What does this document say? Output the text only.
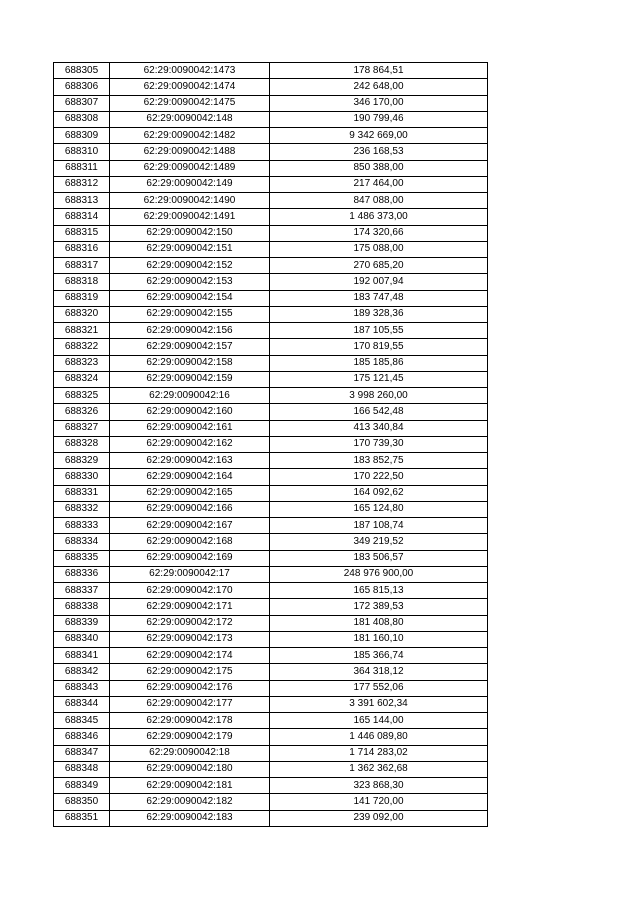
688305	62:29:0090042:1473	178 864,51
688306	62:29:0090042:1474	242 648,00
688307	62:29:0090042:1475	346 170,00
688308	62:29:0090042:148	190 799,46
688309	62:29:0090042:1482	9 342 669,00
688310	62:29:0090042:1488	236 168,53
688311	62:29:0090042:1489	850 388,00
688312	62:29:0090042:149	217 464,00
688313	62:29:0090042:1490	847 088,00
688314	62:29:0090042:1491	1 486 373,00
688315	62:29:0090042:150	174 320,66
688316	62:29:0090042:151	175 088,00
688317	62:29:0090042:152	270 685,20
688318	62:29:0090042:153	192 007,94
688319	62:29:0090042:154	183 747,48
688320	62:29:0090042:155	189 328,36
688321	62:29:0090042:156	187 105,55
688322	62:29:0090042:157	170 819,55
688323	62:29:0090042:158	185 185,86
688324	62:29:0090042:159	175 121,45
688325	62:29:0090042:16	3 998 260,00
688326	62:29:0090042:160	166 542,48
688327	62:29:0090042:161	413 340,84
688328	62:29:0090042:162	170 739,30
688329	62:29:0090042:163	183 852,75
688330	62:29:0090042:164	170 222,50
688331	62:29:0090042:165	164 092,62
688332	62:29:0090042:166	165 124,80
688333	62:29:0090042:167	187 108,74
688334	62:29:0090042:168	349 219,52
688335	62:29:0090042:169	183 506,57
688336	62:29:0090042:17	248 976 900,00
688337	62:29:0090042:170	165 815,13
688338	62:29:0090042:171	172 389,53
688339	62:29:0090042:172	181 408,80
688340	62:29:0090042:173	181 160,10
688341	62:29:0090042:174	185 366,74
688342	62:29:0090042:175	364 318,12
688343	62:29:0090042:176	177 552,06
688344	62:29:0090042:177	3 391 602,34
688345	62:29:0090042:178	165 144,00
688346	62:29:0090042:179	1 446 089,80
688347	62:29:0090042:18	1 714 283,02
688348	62:29:0090042:180	1 362 362,68
688349	62:29:0090042:181	323 868,30
688350	62:29:0090042:182	141 720,00
688351	62:29:0090042:183	239 092,00
